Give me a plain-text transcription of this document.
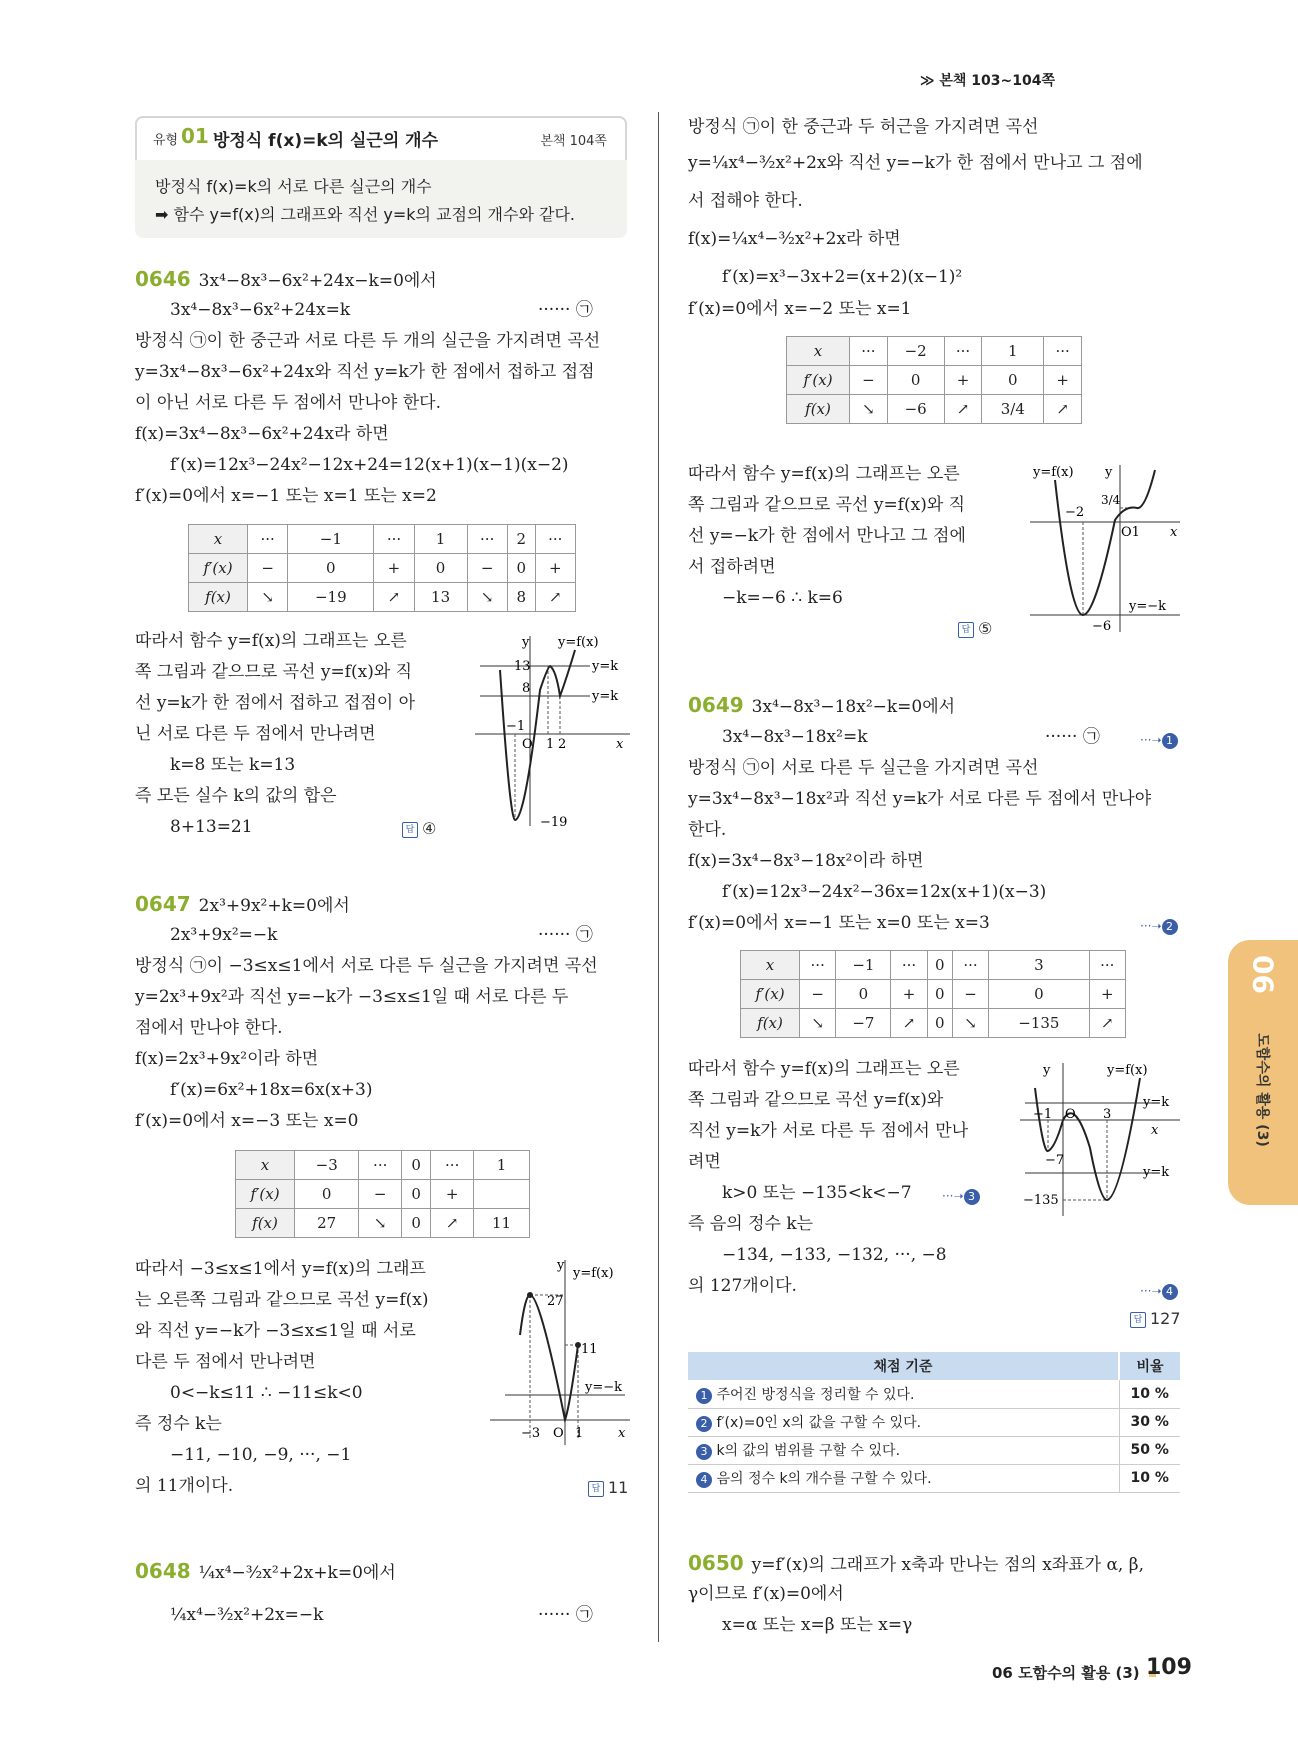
≫ 본책 103~104쪽
유형 01 방정식 f(x)=k의 실근의 개수	본책 104쪽
방정식 f(x)=k의 서로 다른 실근의 개수
➡ 함수 y=f(x)의 그래프와 직선 y=k의 교점의 개수와 같다.
0646 3x⁴−8x³−6x²+24x−k=0에서
3x⁴−8x³−6x²+24x=k	······ ㉠
방정식 ㉠이 한 중근과 서로 다른 두 개의 실근을 가지려면 곡선
y=3x⁴−8x³−6x²+24x와 직선 y=k가 한 점에서 접하고 접점
이 아닌 서로 다른 두 점에서 만나야 한다.
f(x)=3x⁴−8x³−6x²+24x라 하면
f′(x)=12x³−24x²−12x+24=12(x+1)(x−1)(x−2)
f′(x)=0에서 x=−1 또는 x=1 또는 x=2
x	···	−1	···	1	···	2	···
f′(x)	−	0	+	0	−	0	+
f(x)	↘	−19	↗	13	↘	8	↗
따라서 함수 y=f(x)의 그래프는 오른
쪽 그림과 같으므로 곡선 y=f(x)와 직
선 y=k가 한 점에서 접하고 접점이 아
닌 서로 다른 두 점에서 만나려면
k=8 또는 k=13
즉 모든 실수 k의 값의 합은
8+13=21	답 ④
y y=f(x)
13
8
y=k
y=k
−1
O 1 2	x
−19
0647 2x³+9x²+k=0에서
2x³+9x²=−k	······ ㉠
방정식 ㉠이 −3≤x≤1에서 서로 다른 두 실근을 가지려면 곡선
y=2x³+9x²과 직선 y=−k가 −3≤x≤1일 때 서로 다른 두
점에서 만나야 한다.
f(x)=2x³+9x²이라 하면
f′(x)=6x²+18x=6x(x+3)
f′(x)=0에서 x=−3 또는 x=0
x	−3	···	0	···	1
f′(x)	0	−	0	+	
f(x)	27	↘	0	↗	11
따라서 −3≤x≤1에서 y=f(x)의 그래프
는 오른쪽 그림과 같으므로 곡선 y=f(x)
와 직선 y=−k가 −3≤x≤1일 때 서로
다른 두 점에서 만나려면
0<−k≤11 ∴ −11≤k<0
즉 정수 k는
−11, −10, −9, ···, −1
의 11개이다.	답 11
y
y=f(x)
27
11
y=−k
−3 O 1	x
0648 ¼x⁴−³⁄₂x²+2x+k=0에서
¼x⁴−³⁄₂x²+2x=−k	······ ㉠
방정식 ㉠이 한 중근과 두 허근을 가지려면 곡선
y=¼x⁴−³⁄₂x²+2x와 직선 y=−k가 한 점에서 만나고 그 점에
서 접해야 한다.
f(x)=¼x⁴−³⁄₂x²+2x라 하면
f′(x)=x³−3x+2=(x+2)(x−1)²
f′(x)=0에서 x=−2 또는 x=1
x	···	−2	···	1	···
f′(x)	−	0	+	0	+
f(x)	↘	−6	↗	3/4	↗
따라서 함수 y=f(x)의 그래프는 오른
쪽 그림과 같으므로 곡선 y=f(x)와 직
선 y=−k가 한 점에서 만나고 그 점에
서 접하려면
−k=−6 ∴ k=6
답 ⑤
y=f(x) y
3/4
−2
O1 x
y=−k
−6
0649 3x⁴−8x³−18x²−k=0에서
3x⁴−8x³−18x²=k	······ ㉠	···➝ 1
방정식 ㉠이 서로 다른 두 실근을 가지려면 곡선
y=3x⁴−8x³−18x²과 직선 y=k가 서로 다른 두 점에서 만나야
한다.
f(x)=3x⁴−8x³−18x²이라 하면
f′(x)=12x³−24x²−36x=12x(x+1)(x−3)
f′(x)=0에서 x=−1 또는 x=0 또는 x=3	···➝ 2
x	···	−1	···	0	···	3	···
f′(x)	−	0	+	0	−	0	+
f(x)	↘	−7	↗	0	↘	−135	↗
따라서 함수 y=f(x)의 그래프는 오른
쪽 그림과 같으므로 곡선 y=f(x)와
직선 y=k가 서로 다른 두 점에서 만나
려면
k>0 또는 −135<k<−7	···➝ 3
즉 음의 정수 k는
−134, −133, −132, ···, −8
의 127개이다.	···➝ 4
답 127
y	y=f(x)
y=k
−1 O 3
x
−7
y=k
−135
채점 기준	비율
1 주어진 방정식을 정리할 수 있다.	10 %
2 f′(x)=0인 x의 값을 구할 수 있다.	30 %
3 k의 값의 범위를 구할 수 있다.	50 %
4 음의 정수 k의 개수를 구할 수 있다.	10 %
0650 y=f′(x)의 그래프가 x축과 만나는 점의 x좌표가 α, β,
γ이므로 f′(x)=0에서
x=α 또는 x=β 또는 x=γ
06
도함수의 활용 (3)
06 도함수의 활용 (3) 109
